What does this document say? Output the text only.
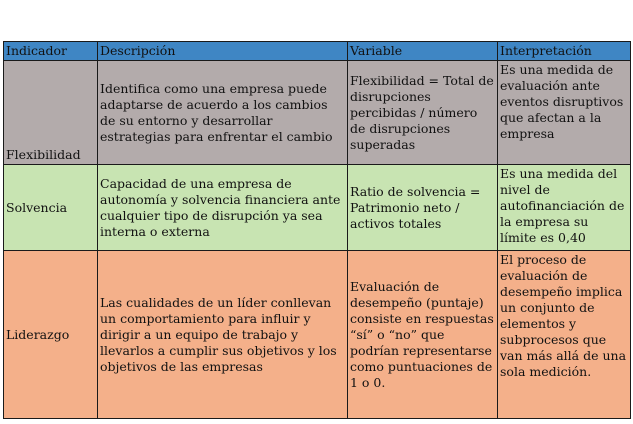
Indicador	Descripción	Variable	Interpretación
Flexibilidad	Identifica como una empresa puede adaptarse de acuerdo a los cambios de su entorno y desarrollar estrategias para enfrentar el cambio	Flexibilidad = Total de disrupciones percibidas / número de disrupciones superadas	Es una medida de evaluación ante eventos disruptivos que afectan a la empresa
Solvencia	Capacidad de una empresa de autonomía y solvencia financiera ante cualquier tipo de disrupción ya sea interna o externa	Ratio de solvencia = Patrimonio neto / activos totales	Es una medida del nivel de autofinanciación de la empresa su límite es 0,40
Liderazgo	Las cualidades de un líder conllevan un comportamiento para influir y dirigir a un equipo de trabajo y llevarlos a cumplir sus objetivos y los objetivos de las empresas	Evaluación de desempeño (puntaje) consiste en respuestas “sí” o “no” que podrían representarse como puntuaciones de 1 o 0.	El proceso de evaluación de desempeño implica un conjunto de elementos y subprocesos que van más allá de una sola medición.
